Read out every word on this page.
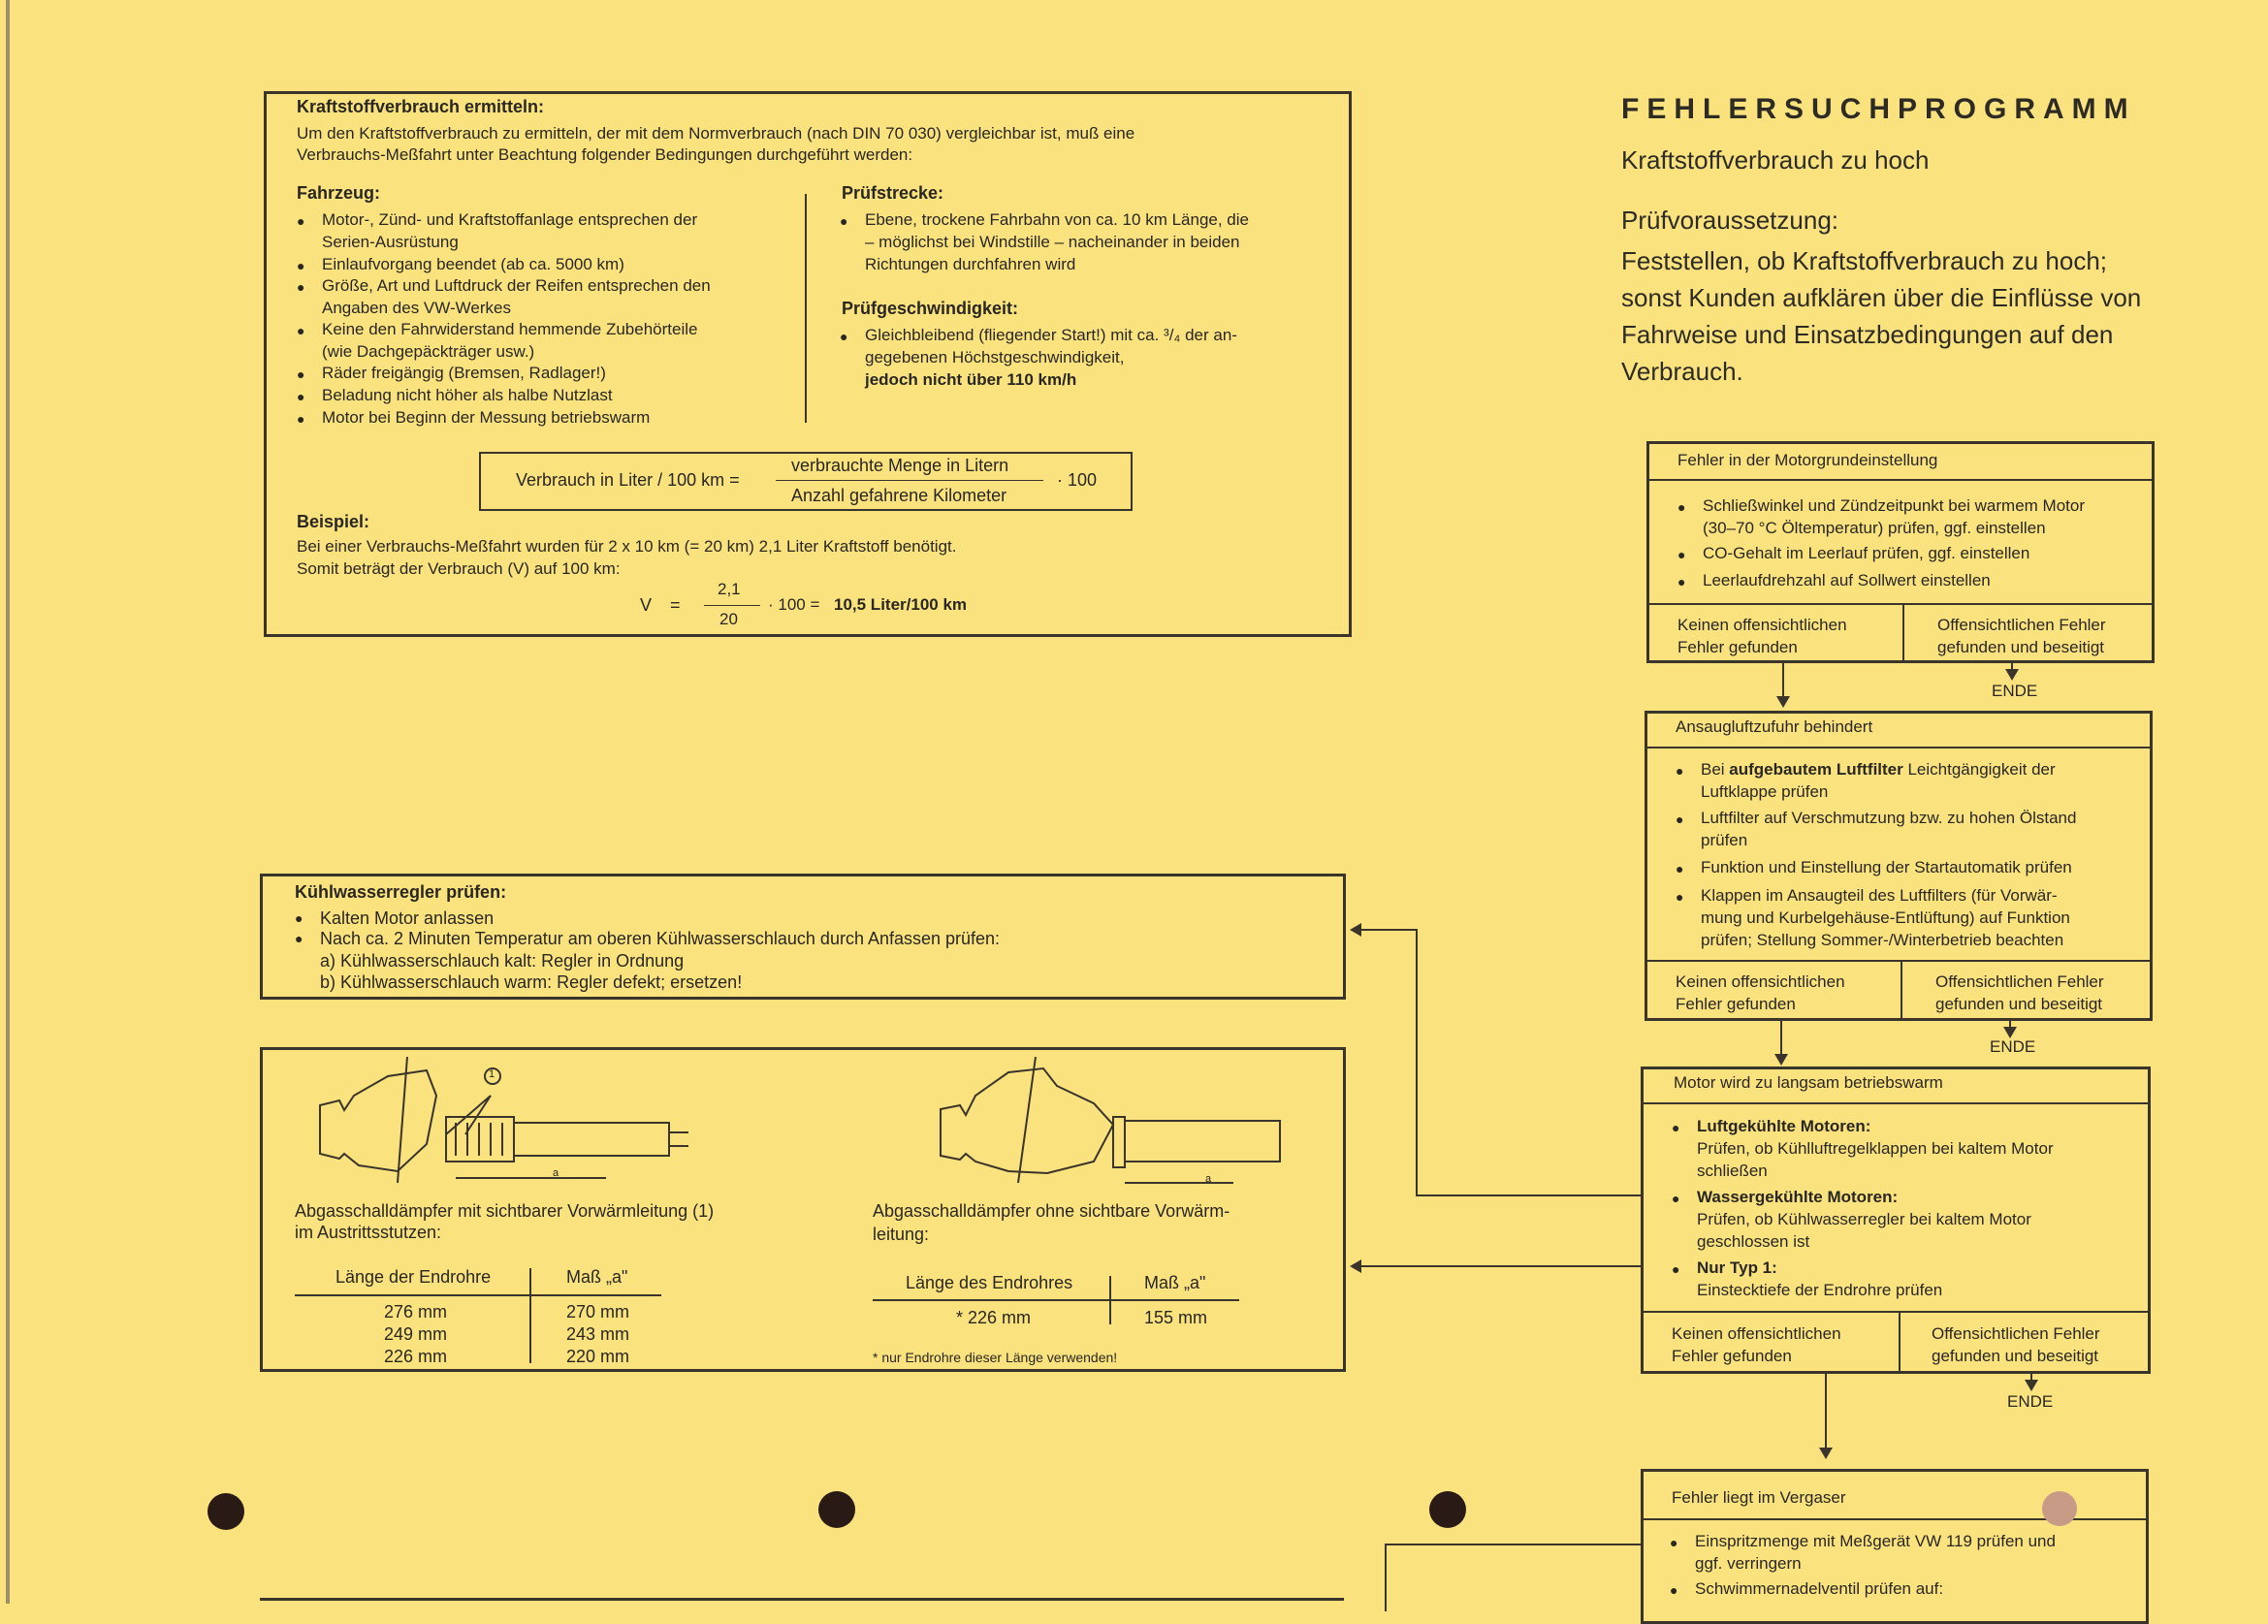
FEHLERSUCHPROGRAMM
Kraftstoffverbrauch zu hoch
Prüfvoraussetzung:
Feststellen, ob Kraftstoffverbrauch zu hoch;
sonst Kunden aufklären über die Einflüsse von
Fahrweise und Einsatzbedingungen auf den
Verbrauch.
Kraftstoffverbrauch ermitteln:
Um den Kraftstoffverbrauch zu ermitteln, der mit dem Normverbrauch (nach DIN 70 030) vergleichbar ist, muß eine
Verbrauchs-Meßfahrt unter Beachtung folgender Bedingungen durchgeführt werden:
Fahrzeug:
● Motor-, Zünd- und Kraftstoffanlage entsprechen der
Serien-Ausrüstung
● Einlaufvorgang beendet (ab ca. 5000 km)
● Größe, Art und Luftdruck der Reifen entsprechen den
Angaben des VW-Werkes
● Keine den Fahrwiderstand hemmende Zubehörteile
(wie Dachgepäckträger usw.)
● Räder freigängig (Bremsen, Radlager!)
● Beladung nicht höher als halbe Nutzlast
● Motor bei Beginn der Messung betriebswarm
Prüfstrecke:
● Ebene, trockene Fahrbahn von ca. 10 km Länge, die
– möglichst bei Windstille – nacheinander in beiden
Richtungen durchfahren wird
Prüfgeschwindigkeit:
● Gleichbleibend (fliegender Start!) mit ca. ³/₄ der an-
gegebenen Höchstgeschwindigkeit,
jedoch nicht über 110 km/h
Verbrauch in Liter / 100 km =
verbrauchte Menge in Litern
Anzahl gefahrene Kilometer
· 100
Beispiel:
Bei einer Verbrauchs-Meßfahrt wurden für 2 x 10 km (= 20 km) 2,1 Liter Kraftstoff benötigt.
Somit beträgt der Verbrauch (V) auf 100 km:
V =
2,1
20
· 100 = 10,5 Liter/100 km
Kühlwasserregler prüfen:
● Kalten Motor anlassen
● Nach ca. 2 Minuten Temperatur am oberen Kühlwasserschlauch durch Anfassen prüfen:
a) Kühlwasserschlauch kalt: Regler in Ordnung
b) Kühlwasserschlauch warm: Regler defekt; ersetzen!
1
a	a
Abgasschalldämpfer mit sichtbarer Vorwärmleitung (1)
im Austrittsstutzen:
Länge der Endrohre	Maß „a"
276 mm	270 mm
249 mm	243 mm
226 mm	220 mm
Abgasschalldämpfer ohne sichtbare Vorwärm-
leitung:
Länge des Endrohres	Maß „a"
* 226 mm	155 mm
* nur Endrohre dieser Länge verwenden!
Fehler in der Motorgrundeinstellung
● Schließwinkel und Zündzeitpunkt bei warmem Motor
(30–70 °C Öltemperatur) prüfen, ggf. einstellen
● CO-Gehalt im Leerlauf prüfen, ggf. einstellen
● Leerlaufdrehzahl auf Sollwert einstellen
Keinen offensichtlichen
Fehler gefunden
Offensichtlichen Fehler
gefunden und beseitigt
ENDE
Ansaugluftzufuhr behindert
● Bei aufgebautem Luftfilter Leichtgängigkeit der
Luftklappe prüfen
● Luftfilter auf Verschmutzung bzw. zu hohen Ölstand
prüfen
● Funktion und Einstellung der Startautomatik prüfen
● Klappen im Ansaugteil des Luftfilters (für Vorwär-
mung und Kurbelgehäuse-Entlüftung) auf Funktion
prüfen; Stellung Sommer-/Winterbetrieb beachten
Keinen offensichtlichen
Fehler gefunden
Offensichtlichen Fehler
gefunden und beseitigt
ENDE
Motor wird zu langsam betriebswarm
● Luftgekühlte Motoren:
Prüfen, ob Kühlluftregelklappen bei kaltem Motor
schließen
● Wassergekühlte Motoren:
Prüfen, ob Kühlwasserregler bei kaltem Motor
geschlossen ist
● Nur Typ 1:
Einstecktiefe der Endrohre prüfen
Keinen offensichtlichen
Fehler gefunden
Offensichtlichen Fehler
gefunden und beseitigt
ENDE
Fehler liegt im Vergaser
● Einspritzmenge mit Meßgerät VW 119 prüfen und
ggf. verringern
● Schwimmernadelventil prüfen auf:
